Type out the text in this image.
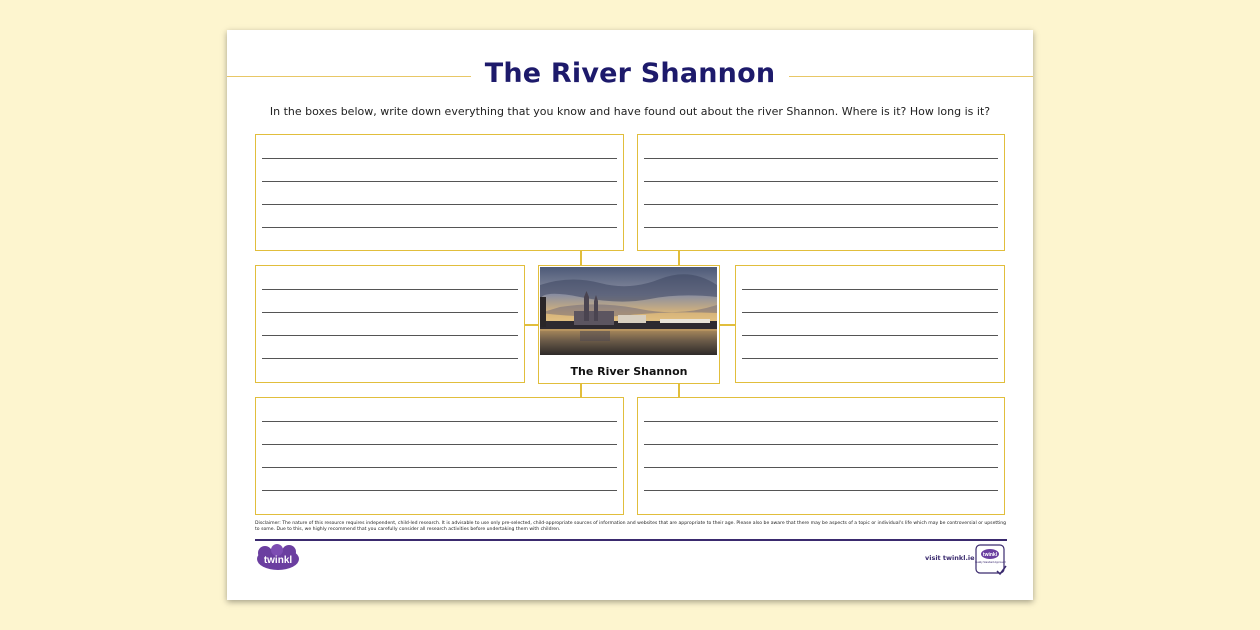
The River Shannon
In the boxes below, write down everything that you know and have found out about the river Shannon. Where is it? How long is it?
The River Shannon
Disclaimer: The nature of this resource requires independent, child-led research. It is advisable to use only pre-selected, child-appropriate sources of information and websites that are appropriate to their age. Please also be aware that there may be aspects of a topic or individual's life which may be controversial or upsetting to some. Due to this, we highly recommend that you carefully consider all research activities before undertaking them with children.
twinkl	visit twinkl.ie twinkl
Quality Standard Approved
